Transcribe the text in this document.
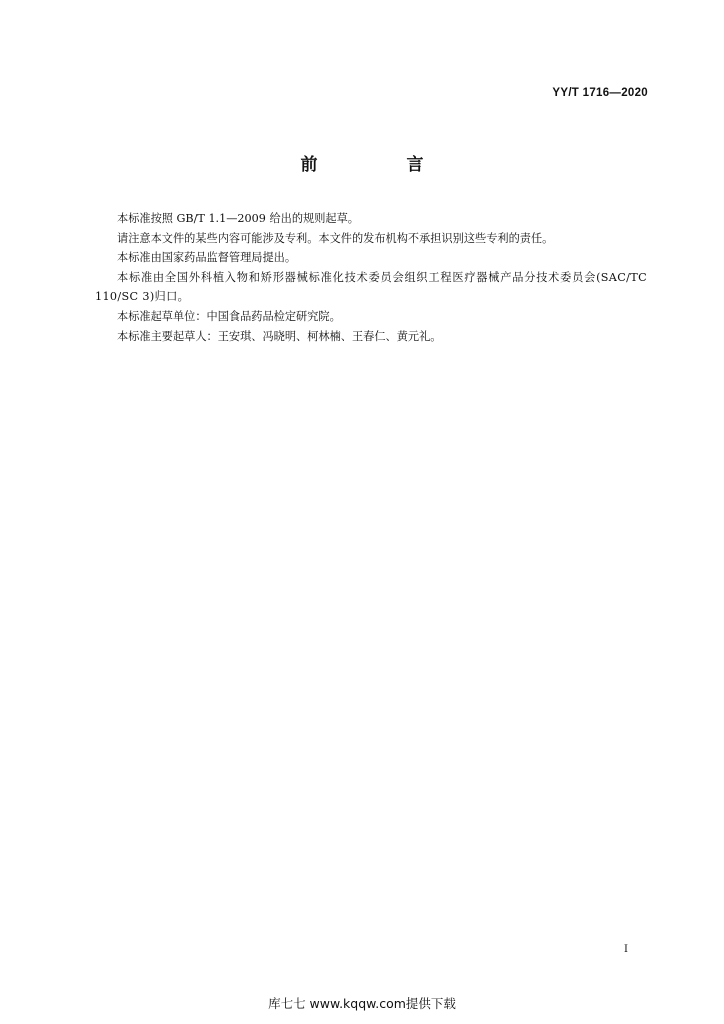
YY/T 1716—2020
前　言

本标准按照 GB/T 1.1—2009 给出的规则起草。

请注意本文件的某些内容可能涉及专利。本文件的发布机构不承担识别这些专利的责任。

本标准由国家药品监督管理局提出。

本标准由全国外科植入物和矫形器械标准化技术委员会组织工程医疗器械产品分技术委员会(SAC/TC 110/SC 3)归口。

本标准起草单位：中国食品药品检定研究院。

本标准主要起草人：王安琪、冯晓明、柯林楠、王春仁、黄元礼。

I
库七七 www.kqqw.com提供下载
